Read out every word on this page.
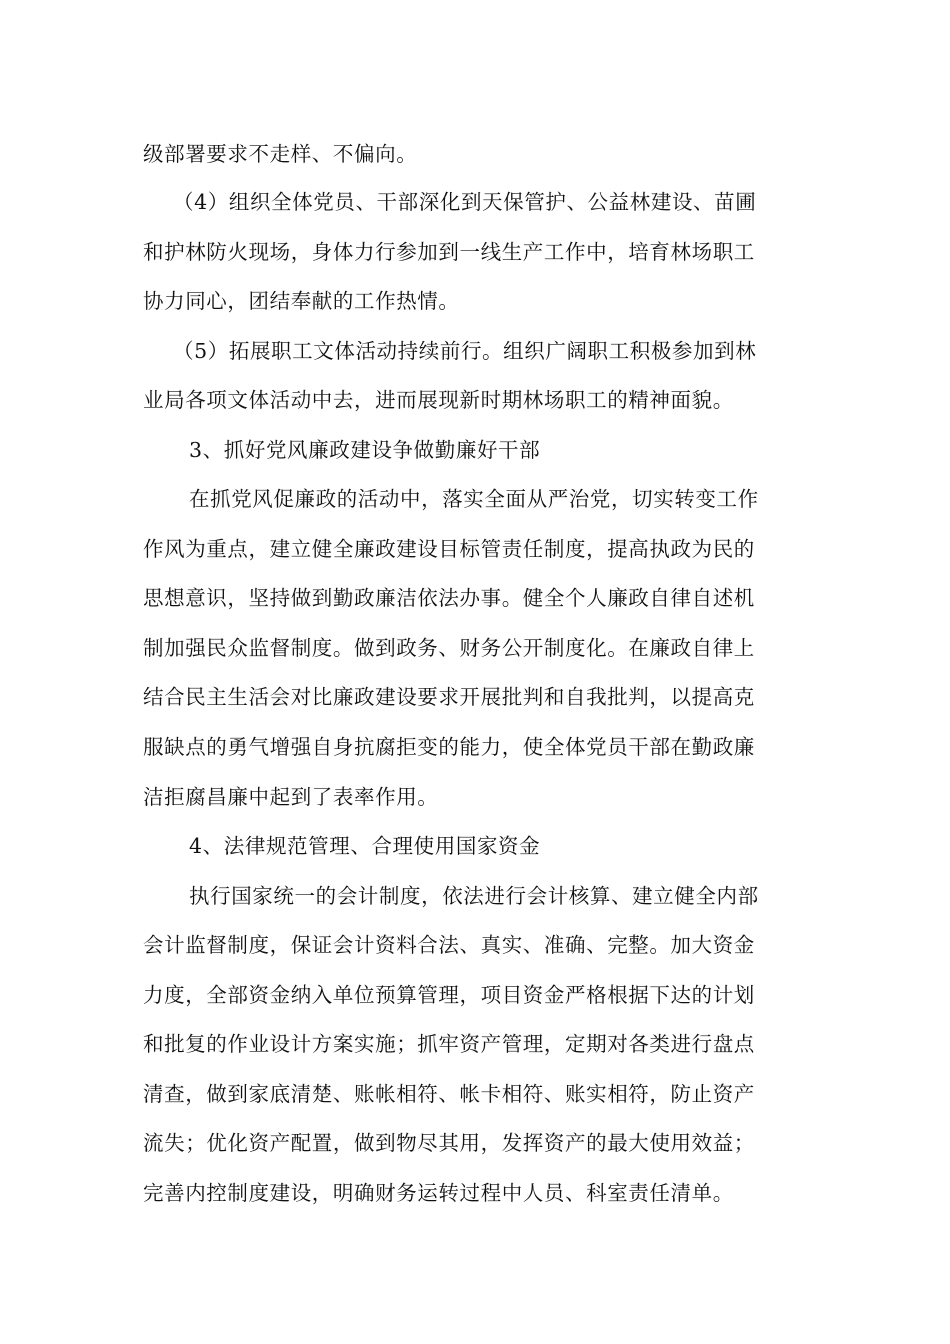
级部署要求不走样、不偏向。
（4）组织全体党员、干部深化到天保管护、公益林建设、苗圃
和护林防火现场，身体力行参加到一线生产工作中，培育林场职工
协力同心，团结奉献的工作热情。
（5）拓展职工文体活动持续前行。组织广阔职工积极参加到林
业局各项文体活动中去，进而展现新时期林场职工的精神面貌。
3、抓好党风廉政建设争做勤廉好干部
在抓党风促廉政的活动中，落实全面从严治党，切实转变工作
作风为重点，建立健全廉政建设目标管责任制度，提高执政为民的
思想意识，坚持做到勤政廉洁依法办事。健全个人廉政自律自述机
制加强民众监督制度。做到政务、财务公开制度化。在廉政自律上
结合民主生活会对比廉政建设要求开展批判和自我批判，以提高克
服缺点的勇气增强自身抗腐拒变的能力，使全体党员干部在勤政廉
洁拒腐昌廉中起到了表率作用。
4、法律规范管理、合理使用国家资金
执行国家统一的会计制度，依法进行会计核算、建立健全内部
会计监督制度，保证会计资料合法、真实、准确、完整。加大资金
力度，全部资金纳入单位预算管理，项目资金严格根据下达的计划
和批复的作业设计方案实施；抓牢资产管理，定期对各类进行盘点
清查，做到家底清楚、账帐相符、帐卡相符、账实相符，防止资产
流失；优化资产配置，做到物尽其用，发挥资产的最大使用效益；
完善内控制度建设，明确财务运转过程中人员、科室责任清单。
